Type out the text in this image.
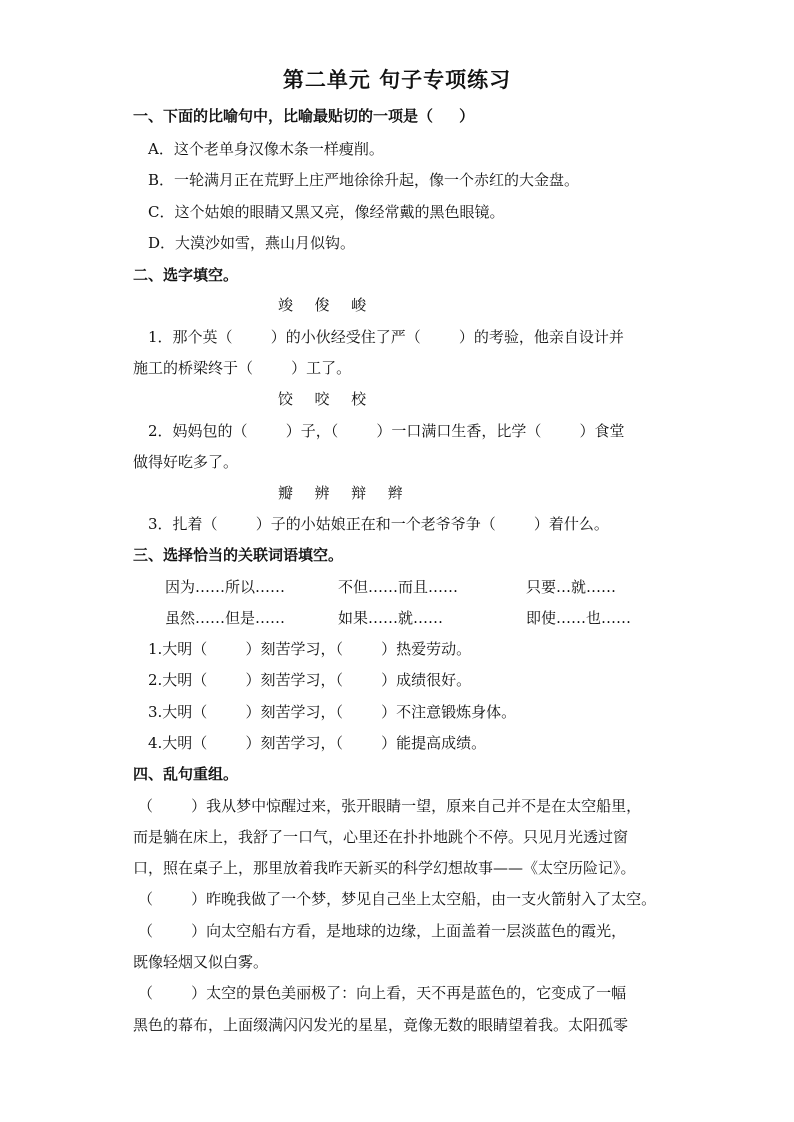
第二单元 句子专项练习
一、下面的比喻句中，比喻最贴切的一项是（     ）
A．这个老单身汉像木条一样瘦削。
B．一轮满月正在荒野上庄严地徐徐升起，像一个赤红的大金盘。
C．这个姑娘的眼睛又黑又亮，像经常戴的黑色眼镜。
D．大漠沙如雪，燕山月似钩。
二、选字填空。
竣  俊  峻
1．那个英（        ）的小伙经受住了严（        ）的考验，他亲自设计并
施工的桥梁终于（        ）工了。
饺  咬  校
2．妈妈包的（        ）子，（        ）一口满口生香，比学（        ）食堂
做得好吃多了。
瓣  辨  辩  辫
3．扎着（        ）子的小姑娘正在和一个老爷爷争（        ）着什么。
三、选择恰当的关联词语填空。
因为……所以……	不但……而且……	只要…就……
虽然……但是……	如果……就……	即使……也……
1.大明（        ）刻苦学习，（        ）热爱劳动。
2.大明（        ）刻苦学习，（        ）成绩很好。
3.大明（        ）刻苦学习，（        ）不注意锻炼身体。
4.大明（        ）刻苦学习，（        ）能提高成绩。
四、乱句重组。
（        ）我从梦中惊醒过来，张开眼睛一望，原来自己并不是在太空船里，
而是躺在床上，我舒了一口气，心里还在扑扑地跳个不停。只见月光透过窗
口，照在桌子上，那里放着我昨天新买的科学幻想故事——《太空历险记》。
（        ）昨晚我做了一个梦，梦见自己坐上太空船，由一支火箭射入了太空。
（        ）向太空船右方看，是地球的边缘，上面盖着一层淡蓝色的霞光，
既像轻烟又似白雾。
（        ）太空的景色美丽极了：向上看，天不再是蓝色的，它变成了一幅
黑色的幕布，上面缀满闪闪发光的星星，竟像无数的眼睛望着我。太阳孤零
